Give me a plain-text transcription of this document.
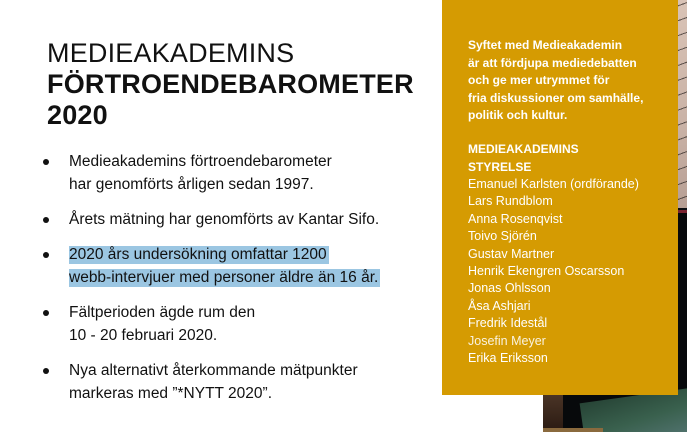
MEDIEAKADEMINS
FÖRTROENDEBAROMETER
2020
Medieakademins förtroendebarometer
har genomförts årligen sedan 1997.
Årets mätning har genomförts av Kantar Sifo.
2020 års undersökning omfattar 1200
webb-intervjuer med personer äldre än 16 år.
Fältperioden ägde rum den
10 - 20 februari 2020.
Nya alternativt återkommande mätpunkter
markeras med ”*NYTT 2020”.
Syftet med Medieakademin
är att fördjupa mediedebatten
och ge mer utrymmet för
fria diskussioner om samhälle,
politik och kultur.
MEDIEAKADEMINS
STYRELSE
Emanuel Karlsten (ordförande)
Lars Rundblom
Anna Rosenqvist
Toivo Sjörén
Gustav Martner
Henrik Ekengren Oscarsson
Jonas Ohlsson
Åsa Ashjari
Fredrik Idestål
Josefin Meyer
Erika Eriksson
